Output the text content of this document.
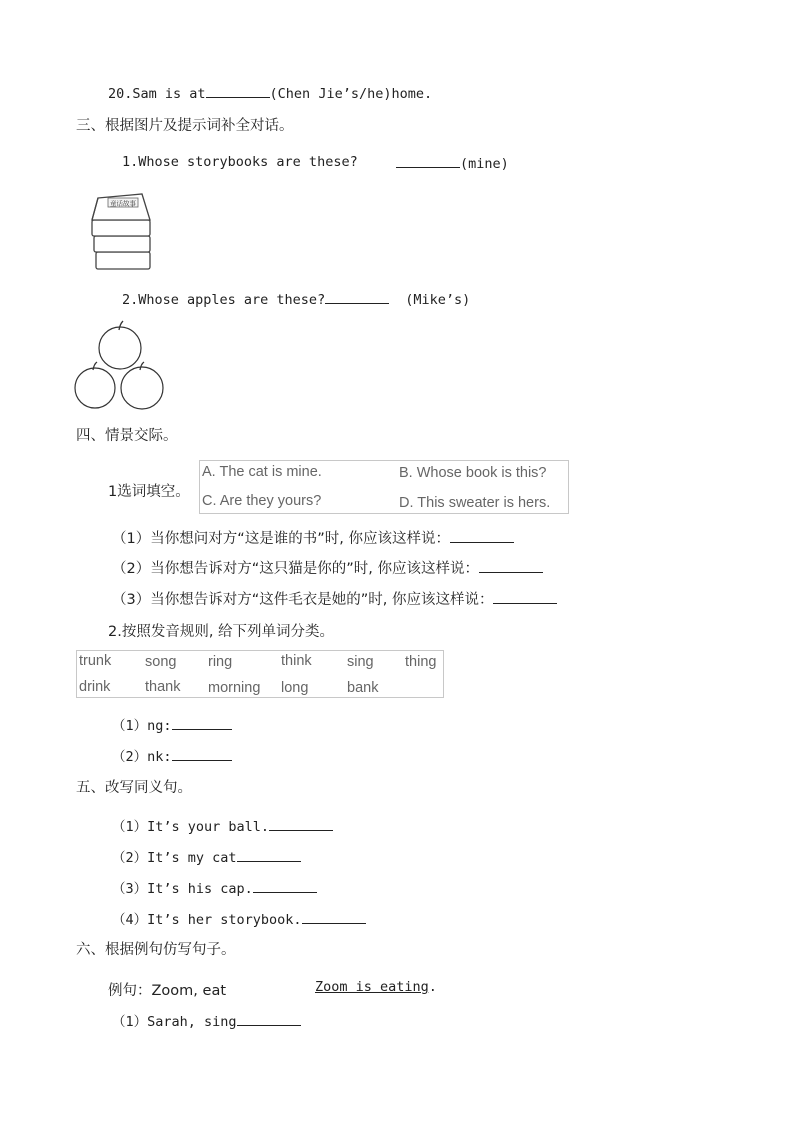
20.Sam is at	(Chen Jie’s/he)home.
三、根据图片及提示词补全对话。
1.Whose storybooks are these?	(mine)
童话故事
2.Whose apples are these?	(Mike’s)
四、情景交际。
1选词填空。
A. The cat is mine.	B. Whose book is this?
C. Are they yours?	D. This sweater is hers.
（1）当你想问对方“这是谁的书”时, 你应该这样说：
（2）当你想告诉对方“这只猫是你的”时, 你应该这样说：
（3）当你想告诉对方“这件毛衣是她的”时, 你应该这样说：
2.按照发音规则, 给下列单词分类。
trunk song ring	think sing thing
drink thank morning long	bank
（1）ng:
（2）nk:
五、改写同义句。
（1）It’s your ball.
（2）It’s my cat
（3）It’s his cap.
（4）It’s her storybook.
六、根据例句仿写句子。
例句：Zoom, eat	Zoom is eating.
（1）Sarah, sing
